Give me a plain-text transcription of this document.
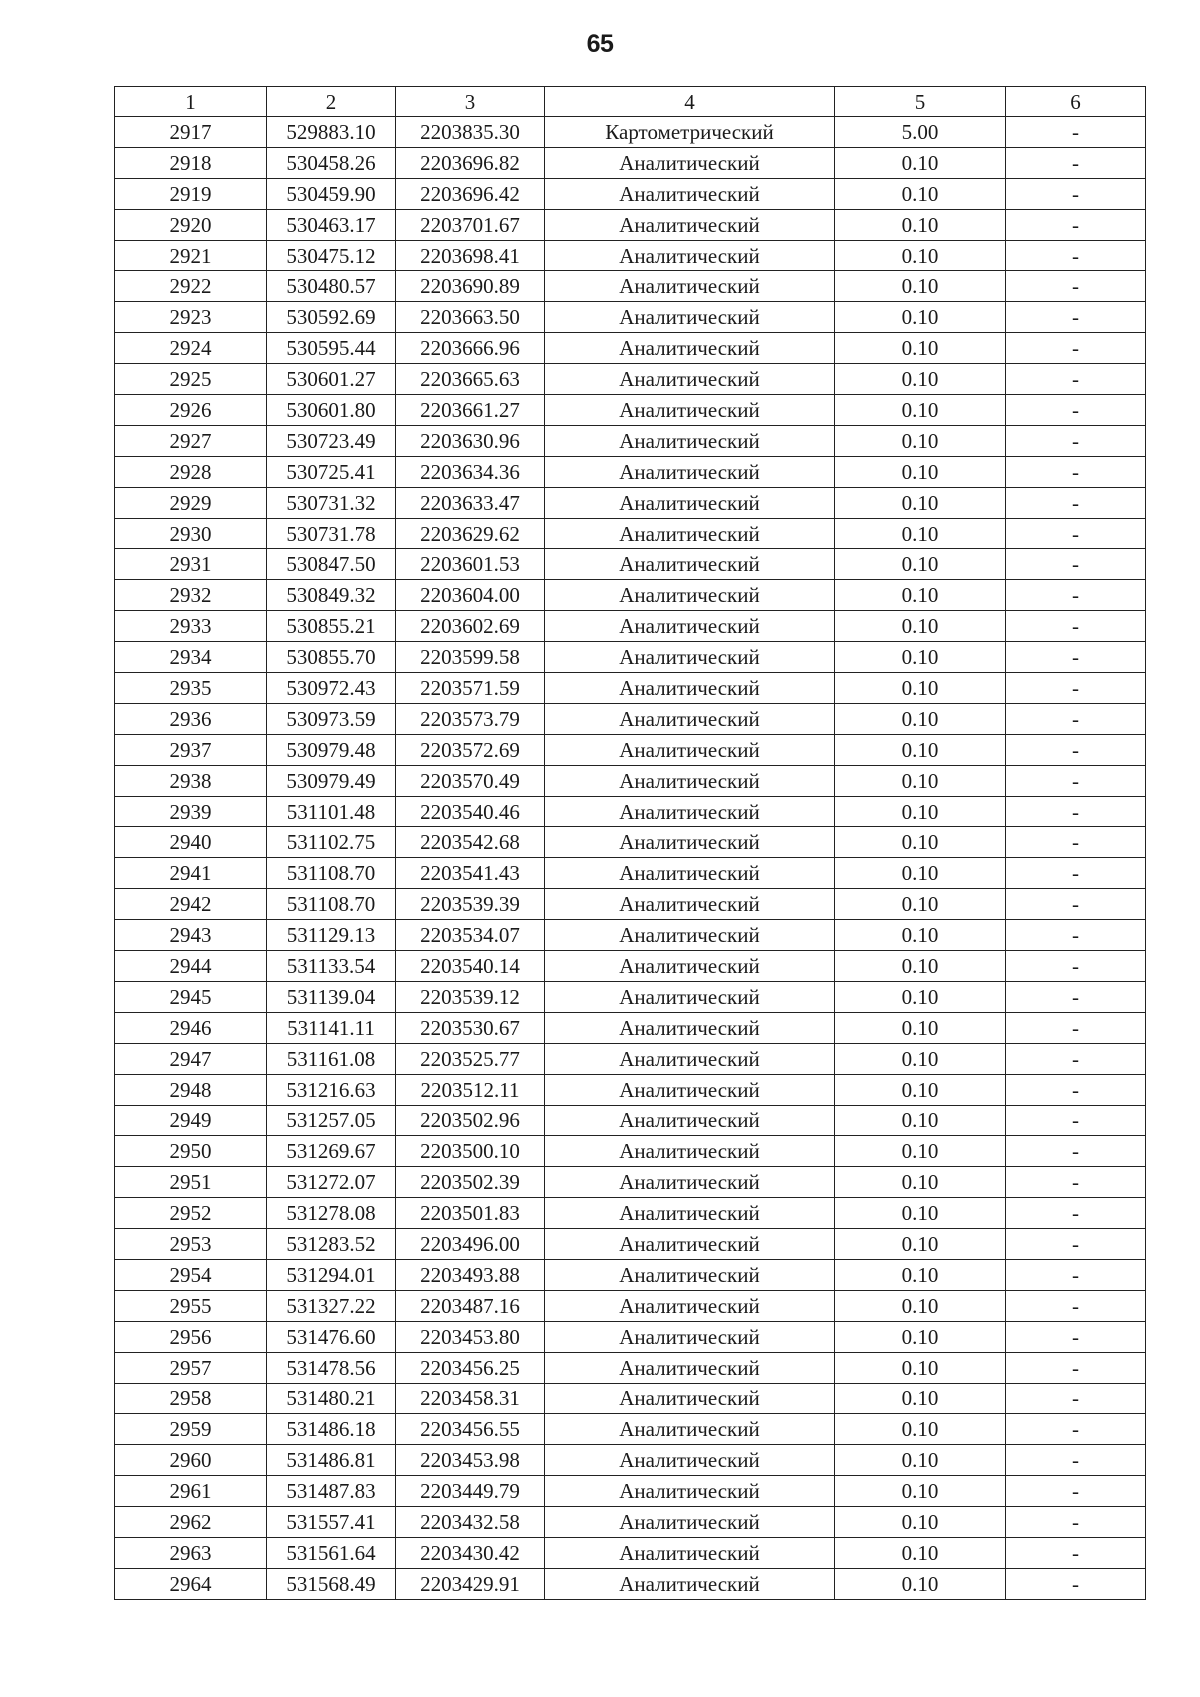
65
1	2	3	4	5	6
2917	529883.10	2203835.30	Картометрический	5.00	-
2918	530458.26	2203696.82	Аналитический	0.10	-
2919	530459.90	2203696.42	Аналитический	0.10	-
2920	530463.17	2203701.67	Аналитический	0.10	-
2921	530475.12	2203698.41	Аналитический	0.10	-
2922	530480.57	2203690.89	Аналитический	0.10	-
2923	530592.69	2203663.50	Аналитический	0.10	-
2924	530595.44	2203666.96	Аналитический	0.10	-
2925	530601.27	2203665.63	Аналитический	0.10	-
2926	530601.80	2203661.27	Аналитический	0.10	-
2927	530723.49	2203630.96	Аналитический	0.10	-
2928	530725.41	2203634.36	Аналитический	0.10	-
2929	530731.32	2203633.47	Аналитический	0.10	-
2930	530731.78	2203629.62	Аналитический	0.10	-
2931	530847.50	2203601.53	Аналитический	0.10	-
2932	530849.32	2203604.00	Аналитический	0.10	-
2933	530855.21	2203602.69	Аналитический	0.10	-
2934	530855.70	2203599.58	Аналитический	0.10	-
2935	530972.43	2203571.59	Аналитический	0.10	-
2936	530973.59	2203573.79	Аналитический	0.10	-
2937	530979.48	2203572.69	Аналитический	0.10	-
2938	530979.49	2203570.49	Аналитический	0.10	-
2939	531101.48	2203540.46	Аналитический	0.10	-
2940	531102.75	2203542.68	Аналитический	0.10	-
2941	531108.70	2203541.43	Аналитический	0.10	-
2942	531108.70	2203539.39	Аналитический	0.10	-
2943	531129.13	2203534.07	Аналитический	0.10	-
2944	531133.54	2203540.14	Аналитический	0.10	-
2945	531139.04	2203539.12	Аналитический	0.10	-
2946	531141.11	2203530.67	Аналитический	0.10	-
2947	531161.08	2203525.77	Аналитический	0.10	-
2948	531216.63	2203512.11	Аналитический	0.10	-
2949	531257.05	2203502.96	Аналитический	0.10	-
2950	531269.67	2203500.10	Аналитический	0.10	-
2951	531272.07	2203502.39	Аналитический	0.10	-
2952	531278.08	2203501.83	Аналитический	0.10	-
2953	531283.52	2203496.00	Аналитический	0.10	-
2954	531294.01	2203493.88	Аналитический	0.10	-
2955	531327.22	2203487.16	Аналитический	0.10	-
2956	531476.60	2203453.80	Аналитический	0.10	-
2957	531478.56	2203456.25	Аналитический	0.10	-
2958	531480.21	2203458.31	Аналитический	0.10	-
2959	531486.18	2203456.55	Аналитический	0.10	-
2960	531486.81	2203453.98	Аналитический	0.10	-
2961	531487.83	2203449.79	Аналитический	0.10	-
2962	531557.41	2203432.58	Аналитический	0.10	-
2963	531561.64	2203430.42	Аналитический	0.10	-
2964	531568.49	2203429.91	Аналитический	0.10	-
